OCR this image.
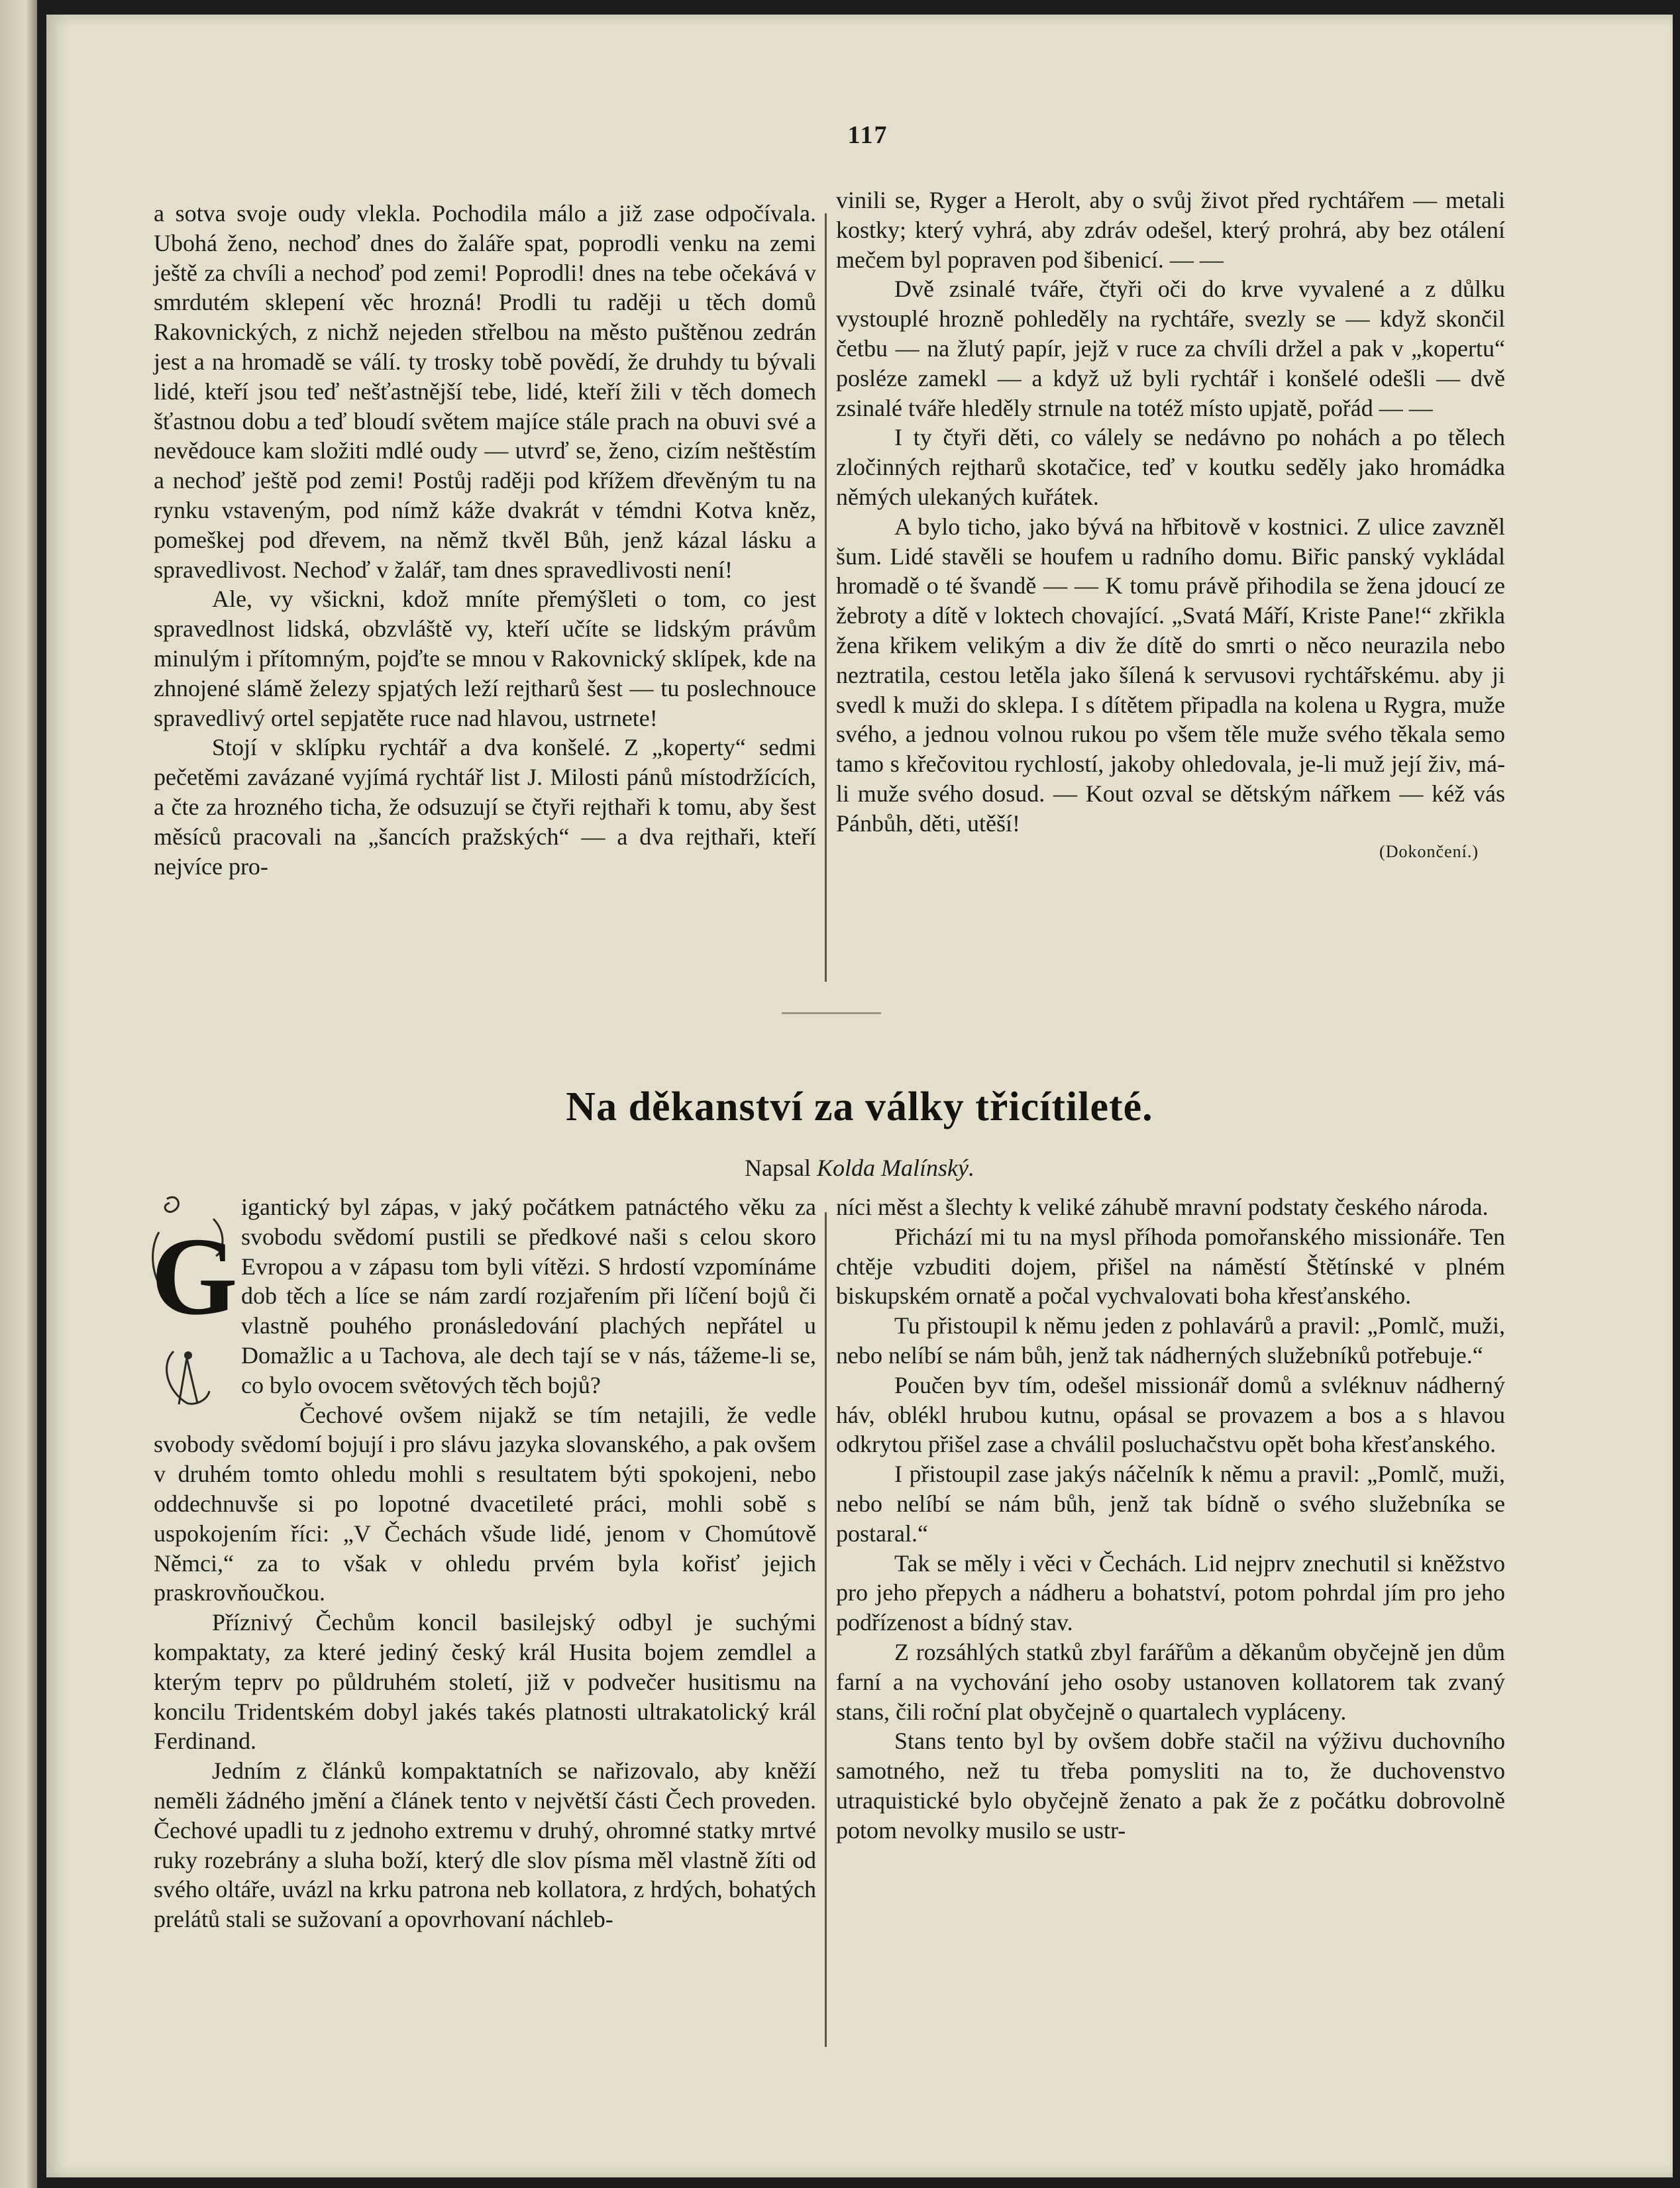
117

a sotva svoje oudy vlekla. Pochodila málo a již zase odpočívala. Ubohá ženo, nechoď dnes do žaláře spat, poprodli venku na zemi ještě za chvíli a nechoď pod zemi! Poprodli! dnes na tebe očekává v smrdutém sklepení věc hrozná! Prodli tu raději u těch domů Rakovnických, z nichž nejeden střelbou na město puštěnou zedrán jest a na hromadě se válí. ty trosky tobě povědí, že druhdy tu bývali lidé, kteří jsou teď nešťastnější tebe, lidé, kteří žili v těch domech šťastnou dobu a teď bloudí světem majíce stále prach na obuvi své a nevědouce kam složiti mdlé oudy — utvrď se, ženo, cizím neštěstím a nechoď ještě pod zemi! Postůj raději pod křížem dřevěným tu na rynku vstaveným, pod nímž káže dvakrát v témdni Kotva kněz, pomeškej pod dřevem, na němž tkvěl Bůh, jenž kázal lásku a spravedlivost. Nechoď v žalář, tam dnes spravedlivosti není!

Ale, vy všickni, kdož mníte přemýšleti o tom, co jest spravedlnost lidská, obzvláště vy, kteří učíte se lidským právům minulým i přítomným, pojďte se mnou v Rakovnický sklípek, kde na zhnojené slámě železy spjatých leží rejtharů šest — tu poslechnouce spravedlivý ortel sepjatěte ruce nad hlavou, ustrnete!

Stojí v sklípku rychtář a dva konšelé. Z „koperty“ sedmi pečetěmi zavázané vyjímá rychtář list J. Milosti pánů místodržících, a čte za hrozného ticha, že odsuzují se čtyři rejthaři k tomu, aby šest měsíců pracovali na „šancích pražských“ — a dva rejthaři, kteří nejvíce pro-

vinili se, Ryger a Herolt, aby o svůj život před rychtářem — metali kostky; který vyhrá, aby zdráv odešel, který prohrá, aby bez otálení mečem byl popraven pod šibenicí. — —

Dvě zsinalé tváře, čtyři oči do krve vyvalené a z důlku vystouplé hrozně pohleděly na rychtáře, svezly se — když skončil četbu — na žlutý papír, jejž v ruce za chvíli držel a pak v „kopertu“ posléze zamekl — a když už byli rychtář i konšelé odešli — dvě zsinalé tváře hleděly strnule na totéž místo upjatě, pořád — —

I ty čtyři děti, co válely se nedávno po nohách a po tělech zločinných rejtharů skotačice, teď v koutku seděly jako hromádka němých ulekaných kuřátek.

A bylo ticho, jako bývá na hřbitově v kostnici. Z ulice zavzněl šum. Lidé stavěli se houfem u radního domu. Biřic panský vykládal hromadě o té švandě — — K tomu právě přihodila se žena jdoucí ze žebroty a dítě v loktech chovající. „Svatá Máří, Kriste Pane!“ zkřikla žena křikem velikým a div že dítě do smrti o něco neurazila nebo neztratila, cestou letěla jako šílená k servusovi rychtářskému. aby ji svedl k muži do sklepa. I s dítětem připadla na kolena u Rygra, muže svého, a jednou volnou rukou po všem těle muže svého těkala semo tamo s křečovitou rychlostí, jakoby ohledovala, je-li muž její živ, má-li muže svého dosud. — Kout ozval se dětským nářkem — kéž vás Pánbůh, děti, utěší!

(Dokončení.)
Na děkanství za války třicítileté.
Napsal Kolda Malínský.
G

igantický byl zápas, v jaký počátkem patnáctého věku za svobodu svědomí pustili se předkové naši s celou skoro Evropou a v zápasu tom byli vítězi. S hrdostí vzpomínáme dob těch a líce se nám zardí rozjařením při líčení bojů či vlastně pouhého pronásledování plachých nepřátel u Domažlic a u Tachova, ale dech tají se v nás, tážeme-li se, co bylo ovocem světových těch bojů?

Čechové ovšem nijakž se tím netajili, že vedle svobody svědomí bojují i pro slávu jazyka slovanského, a pak ovšem v druhém tomto ohledu mohli s resultatem býti spokojeni, nebo oddechnuvše si po lopotné dvacetileté práci, mohli sobě s uspokojením říci: „V Čechách všude lidé, jenom v Chomútově Němci,“ za to však v ohledu prvém byla kořisť jejich praskrovňoučkou.

Příznivý Čechům koncil basilejský odbyl je suchými kompaktaty, za které jediný český král Husita bojem zemdlel a kterým teprv po půldruhém století, již v podvečer husitismu na koncilu Tridentském dobyl jakés takés platnosti ultrakatolický král Ferdinand.

Jedním z článků kompaktatních se nařizovalo, aby kněží neměli žádného jmění a článek tento v největší části Čech proveden. Čechové upadli tu z jednoho extremu v druhý, ohromné statky mrtvé ruky rozebrány a sluha boží, který dle slov písma měl vlastně žíti od svého oltáře, uvázl na krku patrona neb kollatora, z hrdých, bohatých prelátů stali se sužovaní a opovrhovaní náchleb-

níci měst a šlechty k veliké záhubě mravní podstaty českého národa.

Přichází mi tu na mysl příhoda pomořanského missionáře. Ten chtěje vzbuditi dojem, přišel na náměstí Štětínské v plném biskupském ornatě a počal vychvalovati boha křesťanského.

Tu přistoupil k němu jeden z pohlavárů a pravil: „Pomlč, muži, nebo nelíbí se nám bůh, jenž tak nádherných služebníků potřebuje.“

Poučen byv tím, odešel missionář domů a svléknuv nádherný háv, oblékl hrubou kutnu, opásal se provazem a bos a s hlavou odkrytou přišel zase a chválil posluchačstvu opět boha křesťanského.

I přistoupil zase jakýs náčelník k němu a pravil: „Pomlč, muži, nebo nelíbí se nám bůh, jenž tak bídně o svého služebníka se postaral.“

Tak se měly i věci v Čechách. Lid nejprv znechutil si kněžstvo pro jeho přepych a nádheru a bohatství, potom pohrdal jím pro jeho podřízenost a bídný stav.

Z rozsáhlých statků zbyl farářům a děkanům obyčejně jen dům farní a na vychování jeho osoby ustanoven kollatorem tak zvaný stans, čili roční plat obyčejně o quartalech vypláceny.

Stans tento byl by ovšem dobře stačil na výživu duchovního samotného, než tu třeba pomysliti na to, že duchovenstvo utraquistické bylo obyčejně ženato a pak že z počátku dobrovolně potom nevolky musilo se ustr-
